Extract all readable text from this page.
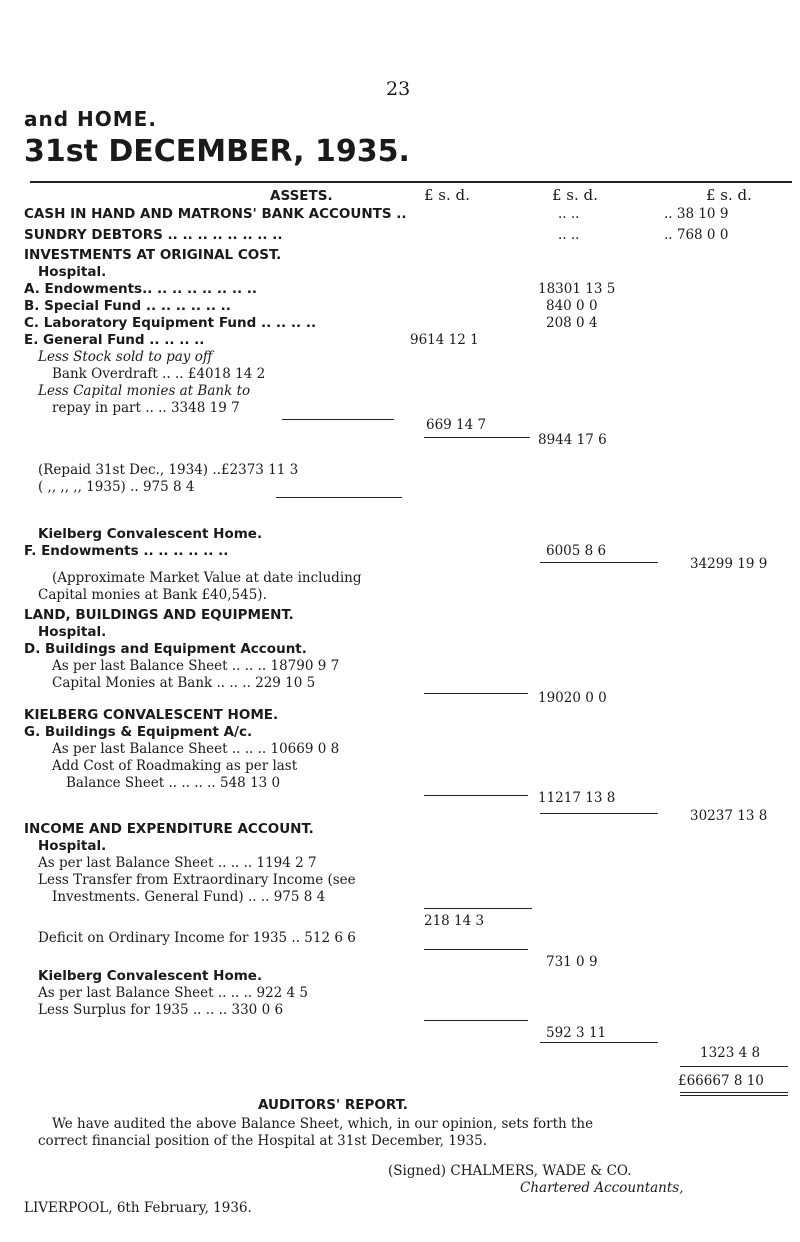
23
and HOME.
31st DECEMBER, 1935.
ASSETS.	£ s. d.	£ s. d.	£ s. d.
CASH IN HAND AND MATRONS' BANK ACCOUNTS ..	.. ..	.. 38 10 9
SUNDRY DEBTORS .. .. .. .. .. .. .. ..	.. ..	.. 768 0 0
INVESTMENTS AT ORIGINAL COST.
Hospital.
A. Endowments.. .. .. .. .. .. .. ..	18301 13 5
B. Special Fund .. .. .. .. .. ..	840 0 0
C. Laboratory Equipment Fund .. .. .. ..	208 0 4
E. General Fund .. .. .. ..	9614 12 1
Less Stock sold to pay off
Bank Overdraft .. .. £4018 14 2
Less Capital monies at Bank to
repay in part .. .. 3348 19 7
669 14 7
8944 17 6
(Repaid 31st Dec., 1934) ..£2373 11 3
( ,, ,, ,, 1935) .. 975 8 4
Kielberg Convalescent Home.
F. Endowments .. .. .. .. .. ..	6005 8 6
34299 19 9
(Approximate Market Value at date including
Capital monies at Bank £40,545).
LAND, BUILDINGS AND EQUIPMENT.
Hospital.
D. Buildings and Equipment Account.
As per last Balance Sheet .. .. .. 18790 9 7
Capital Monies at Bank .. .. .. 229 10 5
19020 0 0
KIELBERG CONVALESCENT HOME.
G. Buildings & Equipment A/c.
As per last Balance Sheet .. .. .. 10669 0 8
Add Cost of Roadmaking as per last
Balance Sheet .. .. .. .. 548 13 0
11217 13 8
30237 13 8
INCOME AND EXPENDITURE ACCOUNT.
Hospital.
As per last Balance Sheet .. .. .. 1194 2 7
Less Transfer from Extraordinary Income (see
Investments. General Fund) .. .. 975 8 4
218 14 3
Deficit on Ordinary Income for 1935 .. 512 6 6
731 0 9
Kielberg Convalescent Home.
As per last Balance Sheet .. .. .. 922 4 5
Less Surplus for 1935 .. .. .. 330 0 6
592 3 11
1323 4 8
£66667 8 10
AUDITORS' REPORT.
We have audited the above Balance Sheet, which, in our opinion, sets forth the
correct financial position of the Hospital at 31st December, 1935.
(Signed) CHALMERS, WADE & CO.
Chartered Accountants,
LIVERPOOL, 6th February, 1936.
